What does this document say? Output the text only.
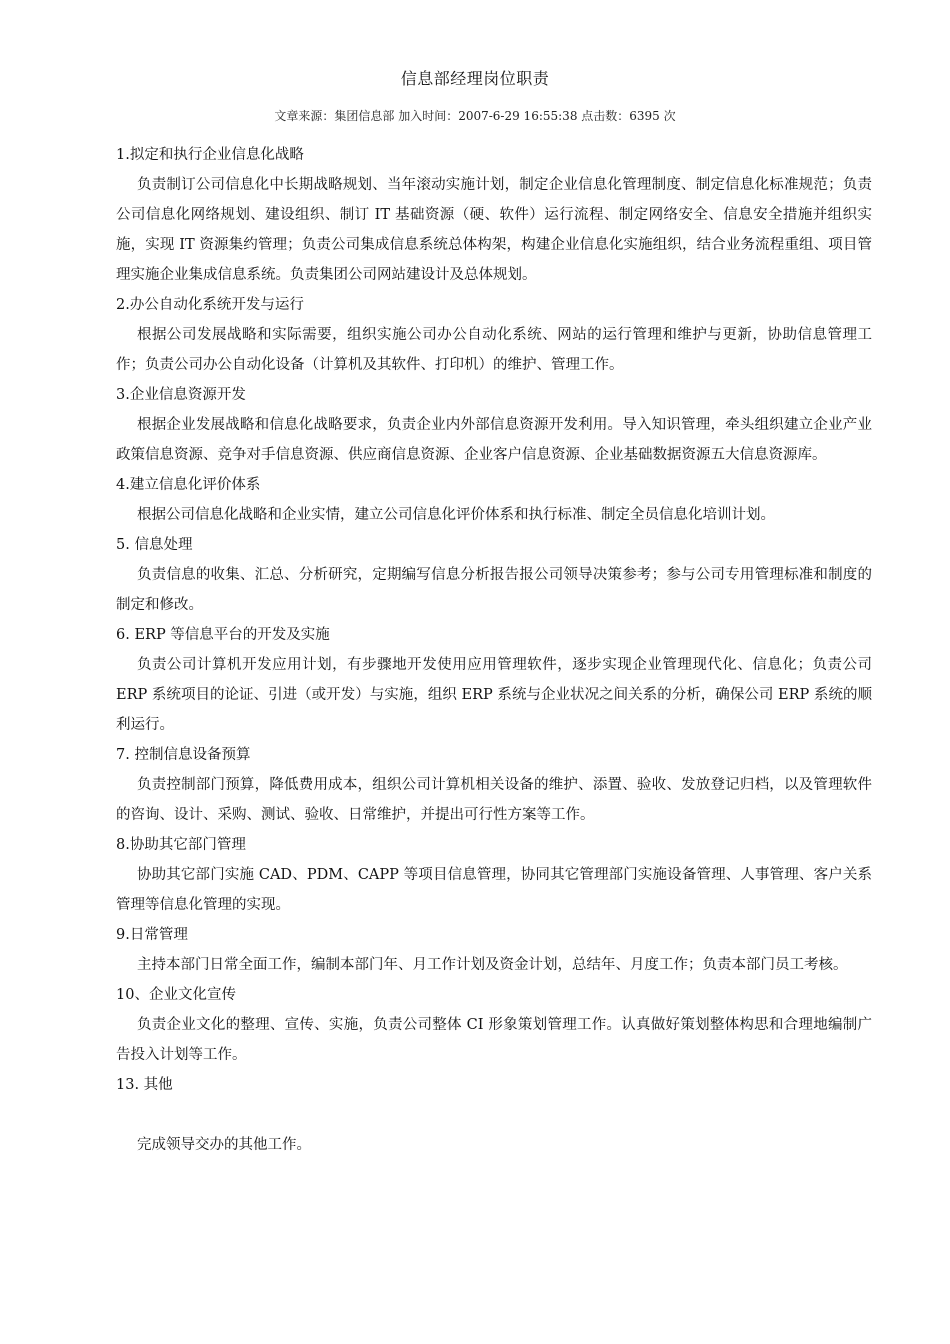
信息部经理岗位职责
文章来源：集团信息部 加入时间：2007-6-29 16:55:38 点击数：6395 次
1.拟定和执行企业信息化战略

负责制订公司信息化中长期战略规划、当年滚动实施计划，制定企业信息化管理制度、制定信息化标准规范；负责公司信息化网络规划、建设组织、制订 IT 基础资源（硬、软件）运行流程、制定网络安全、信息安全措施并组织实施，实现 IT 资源集约管理；负责公司集成信息系统总体构架，构建企业信息化实施组织，结合业务流程重组、项目管理实施企业集成信息系统。负责集团公司网站建设计及总体规划。

2.办公自动化系统开发与运行

根据公司发展战略和实际需要，组织实施公司办公自动化系统、网站的运行管理和维护与更新，协助信息管理工作；负责公司办公自动化设备（计算机及其软件、打印机）的维护、管理工作。

3.企业信息资源开发

根据企业发展战略和信息化战略要求，负责企业内外部信息资源开发利用。导入知识管理，牵头组织建立企业产业政策信息资源、竞争对手信息资源、供应商信息资源、企业客户信息资源、企业基础数据资源五大信息资源库。

4.建立信息化评价体系

根据公司信息化战略和企业实情，建立公司信息化评价体系和执行标准、制定全员信息化培训计划。

5. 信息处理

负责信息的收集、汇总、分析研究，定期编写信息分析报告报公司领导决策参考；参与公司专用管理标准和制度的制定和修改。

6. ERP 等信息平台的开发及实施

负责公司计算机开发应用计划，有步骤地开发使用应用管理软件，逐步实现企业管理现代化、信息化；负责公司 ERP 系统项目的论证、引进（或开发）与实施，组织 ERP 系统与企业状况之间关系的分析，确保公司 ERP 系统的顺利运行。

7. 控制信息设备预算

负责控制部门预算，降低费用成本，组织公司计算机相关设备的维护、添置、验收、发放登记归档，以及管理软件的咨询、设计、采购、测试、验收、日常维护，并提出可行性方案等工作。

8.协助其它部门管理

协助其它部门实施 CAD、PDM、CAPP 等项目信息管理，协同其它管理部门实施设备管理、人事管理、客户关系管理等信息化管理的实现。

9.日常管理

主持本部门日常全面工作，编制本部门年、月工作计划及资金计划，总结年、月度工作；负责本部门员工考核。

10、企业文化宣传

负责企业文化的整理、宣传、实施，负责公司整体 CI 形象策划管理工作。认真做好策划整体构思和合理地编制广告投入计划等工作。

13. 其他

完成领导交办的其他工作。
